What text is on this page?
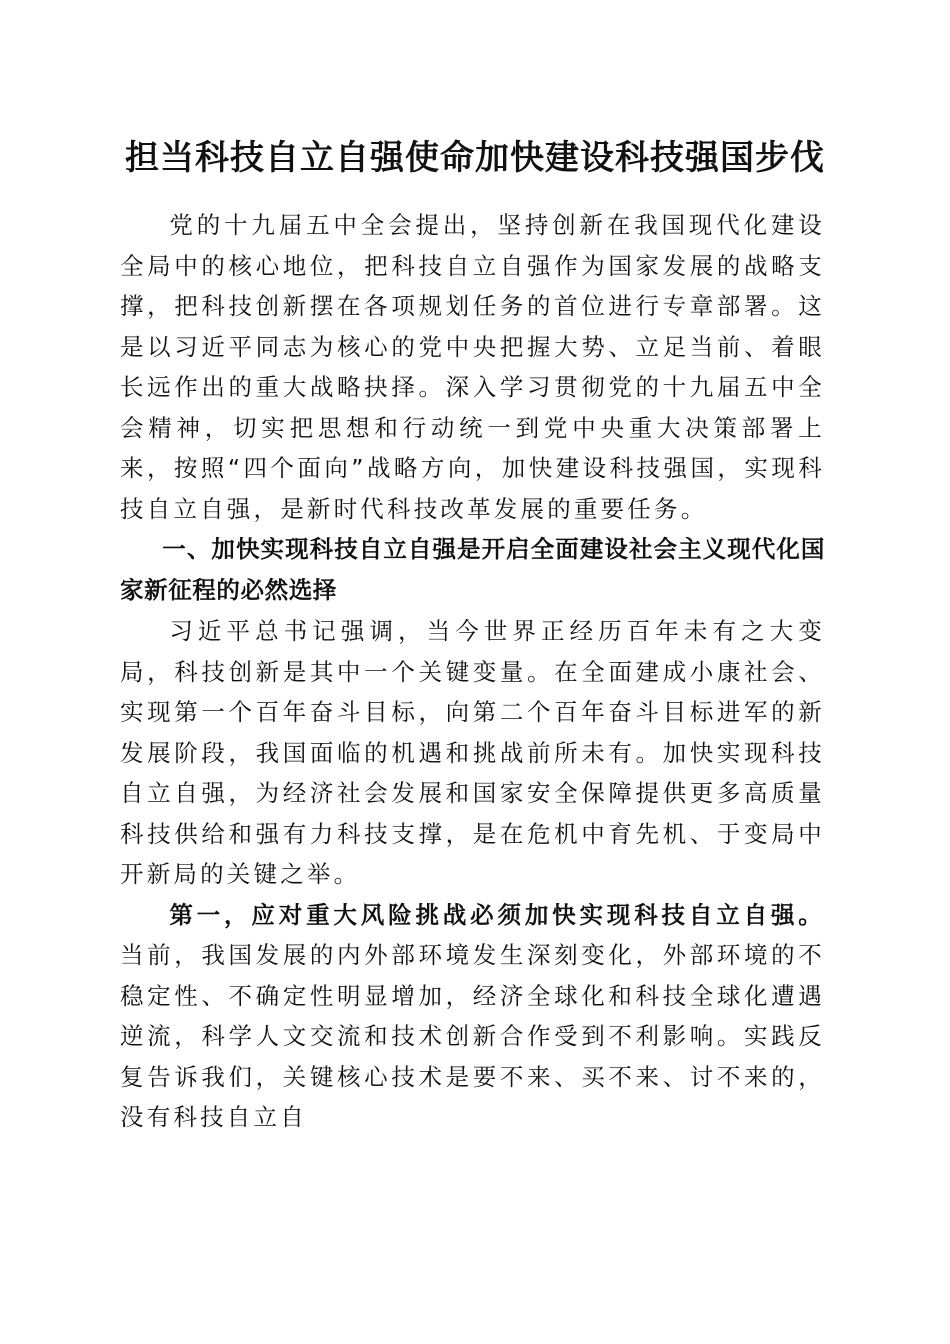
担当科技自立自强使命加快建设科技强国步伐

党的十九届五中全会提出，坚持创新在我国现代化建设全局中的核心地位，把科技自立自强作为国家发展的战略支撑，把科技创新摆在各项规划任务的首位进行专章部署。这是以习近平同志为核心的党中央把握大势、立足当前、着眼长远作出的重大战略抉择。深入学习贯彻党的十九届五中全会精神，切实把思想和行动统一到党中央重大决策部署上来，按照“四个面向”战略方向，加快建设科技强国，实现科技自立自强，是新时代科技改革发展的重要任务。

一、加快实现科技自立自强是开启全面建设社会主义现代化国家新征程的必然选择

习近平总书记强调，当今世界正经历百年未有之大变局，科技创新是其中一个关键变量。在全面建成小康社会、实现第一个百年奋斗目标，向第二个百年奋斗目标进军的新发展阶段，我国面临的机遇和挑战前所未有。加快实现科技自立自强，为经济社会发展和国家安全保障提供更多高质量科技供给和强有力科技支撑，是在危机中育先机、于变局中开新局的关键之举。

第一，应对重大风险挑战必须加快实现科技自立自强。当前，我国发展的内外部环境发生深刻变化，外部环境的不稳定性、不确定性明显增加，经济全球化和科技全球化遭遇逆流，科学人文交流和技术创新合作受到不利影响。实践反复告诉我们，关键核心技术是要不来、买不来、讨不来的，没有科技自立自
